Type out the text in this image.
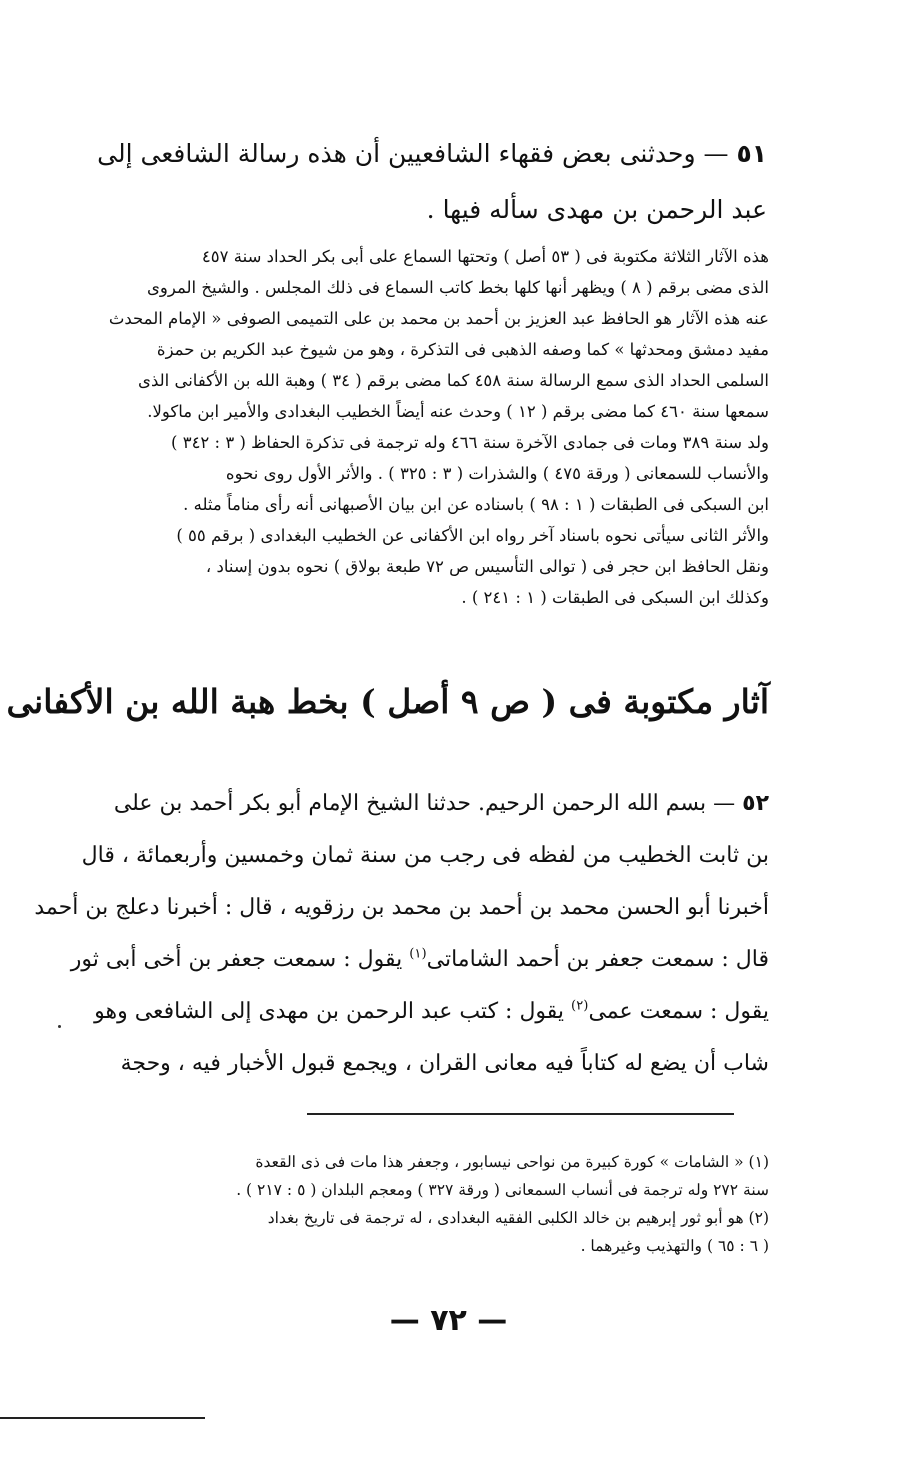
٥١ — وحدثنى بعض فقهاء الشافعيين أن هذه رسالة الشافعى إلى
عبد الرحمن بن مهدى سأله فيها .
هذه الآثار الثلاثة مكتوبة فى ( ٥٣ أصل ) وتحتها السماع على أبى بكر الحداد سنة ٤٥٧
الذى مضى برقم ( ٨ ) ويظهر أنها كلها بخط كاتب السماع فى ذلك المجلس . والشيخ المروى
عنه هذه الآثار هو الحافظ عبد العزيز بن أحمد بن محمد بن على التميمى الصوفى « الإمام المحدث
مفيد دمشق ومحدثها » كما وصفه الذهبى فى التذكرة ، وهو من شيوخ عبد الكريم بن حمزة
السلمى الحداد الذى سمع الرسالة سنة ٤٥٨ كما مضى برقم ( ٣٤ ) وهبة الله بن الأكفانى الذى
سمعها سنة ٤٦٠ كما مضى برقم ( ١٢ ) وحدث عنه أيضاً الخطيب البغدادى والأمير ابن ماكولا.
ولد سنة ٣٨٩ ومات فى جمادى الآخرة سنة ٤٦٦ وله ترجمة فى تذكرة الحفاظ ( ٣ : ٣٤٢ )
والأنساب للسمعانى ( ورقة ٤٧٥ ) والشذرات ( ٣ : ٣٢٥ ) . والأثر الأول روى نحوه
ابن السبكى فى الطبقات ( ١ : ٩٨ ) باسناده عن ابن بيان الأصبهانى أنه رأى مناماً مثله .
والأثر الثانى سيأتى نحوه باسناد آخر رواه ابن الأكفانى عن الخطيب البغدادى ( برقم ٥٥ )
ونقل الحافظ ابن حجر فى ( توالى التأسيس ص ٧٢ طبعة بولاق ) نحوه بدون إسناد ،
وكذلك ابن السبكى فى الطبقات ( ١ : ٢٤١ ) .
آثار مكتوبة فى ( ص ٩ أصل ) بخط هبة الله بن الأكفانى
٥٢ — بسم الله الرحمن الرحيم. حدثنا الشيخ الإمام أبو بكر أحمد بن على
بن ثابت الخطيب من لفظه فى رجب من سنة ثمان وخمسين وأربعمائة ، قال
أخبرنا أبو الحسن محمد بن أحمد بن محمد بن رزقويه ، قال : أخبرنا دعلج بن أحمد
قال : سمعت جعفر بن أحمد الشاماتى$^{(١)}$ يقول : سمعت جعفر بن أخى أبى ثور
يقول : سمعت عمى$^{(٢)}$ يقول : كتب عبد الرحمن بن مهدى إلى الشافعى وهو
شاب أن يضع له كتاباً فيه معانى القران ، ويجمع قبول الأخبار فيه ، وحجة
(١) « الشامات » كورة كبيرة من نواحى نيسابور ، وجعفر هذا مات فى ذى القعدة
سنة ٢٧٢ وله ترجمة فى أنساب السمعانى ( ورقة ٣٢٧ ) ومعجم البلدان ( ٥ : ٢١٧ ) .
(٢) هو أبو ثور إبرهيم بن خالد الكلبى الفقيه البغدادى ، له ترجمة فى تاريخ بغداد
( ٦ : ٦٥ ) والتهذيب وغيرهما .
— ٧٢ —
